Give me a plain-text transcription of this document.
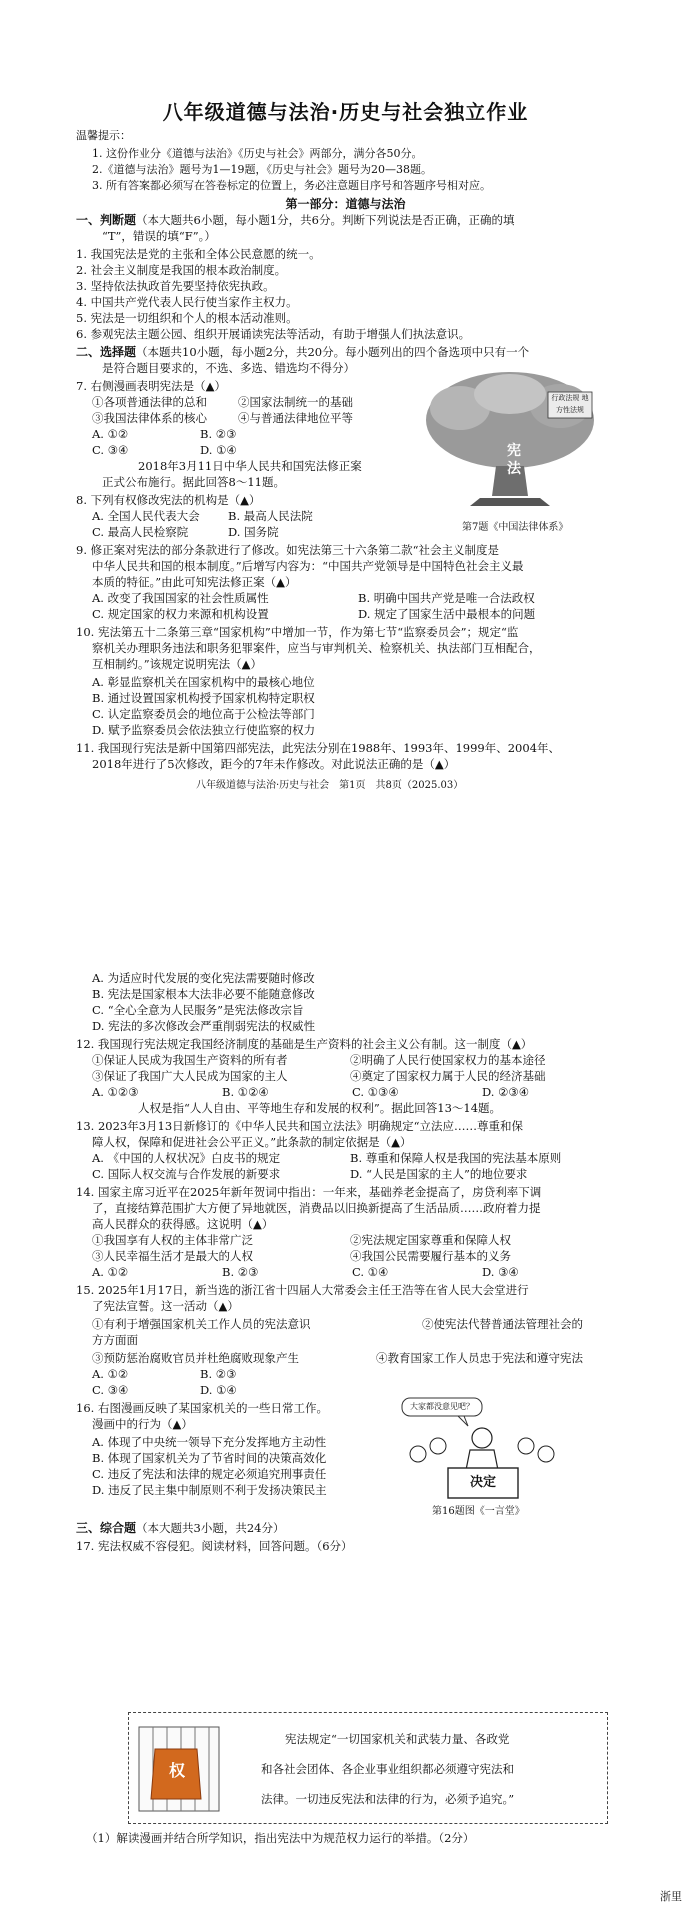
八年级道德与法治·历史与社会独立作业
温馨提示：
1. 这份作业分《道德与法治》《历史与社会》两部分，满分各50分。
2.《道德与法治》题号为1—19题，《历史与社会》题号为20—38题。
3. 所有答案都必须写在答卷标定的位置上，务必注意题目序号和答题序号相对应。
第一部分：道德与法治
一、判断题（本大题共6小题，每小题1分，共6分。判断下列说法是否正确，正确的填
“T”，错误的填“F”。）
1. 我国宪法是党的主张和全体公民意愿的统一。
2. 社会主义制度是我国的根本政治制度。
3. 坚持依法执政首先要坚持依宪执政。
4. 中国共产党代表人民行使当家作主权力。
5. 宪法是一切组织和个人的根本活动准则。
6. 参观宪法主题公园、组织开展诵读宪法等活动，有助于增强人们执法意识。
二、选择题（本题共10小题，每小题2分，共20分。每小题列出的四个备选项中只有一个
是符合题目要求的，不选、多选、错选均不得分）
7. 右侧漫画表明宪法是（▲）
①各项普通法律的总和	②国家法制统一的基础
③我国法律体系的核心	④与普通法律地位平等
A. ①②	B. ②③
C. ③④	D. ①④
行政法规 地方性法规
宪法
第7题《中国法律体系》
2018年3月11日中华人民共和国宪法修正案
正式公布施行。据此回答8～11题。
8. 下列有权修改宪法的机构是（▲）
A. 全国人民代表大会 B. 最高人民法院
C. 最高人民检察院	D. 国务院
9. 修正案对宪法的部分条款进行了修改。如宪法第三十六条第二款“社会主义制度是
中华人民共和国的根本制度。”后增写内容为：“中国共产党领导是中国特色社会主义最
本质的特征。”由此可知宪法修正案（▲）
A. 改变了我国国家的社会性质属性	B. 明确中国共产党是唯一合法政权
C. 规定国家的权力来源和机构设置	D. 规定了国家生活中最根本的问题
10. 宪法第五十二条第三章“国家机构”中增加一节，作为第七节“监察委员会”；规定“监
察机关办理职务违法和职务犯罪案件，应当与审判机关、检察机关、执法部门互相配合，
互相制约。”该规定说明宪法（▲）
A. 彰显监察机关在国家机构中的最核心地位
B. 通过设置国家机构授予国家机构特定职权
C. 认定监察委员会的地位高于公检法等部门
D. 赋予监察委员会依法独立行使监察的权力
11. 我国现行宪法是新中国第四部宪法，此宪法分别在1988年、1993年、1999年、2004年、
2018年进行了5次修改，距今的7年未作修改。对此说法正确的是（▲）
八年级道德与法治·历史与社会　第1页　共8页（2025.03）
A. 为适应时代发展的变化宪法需要随时修改
B. 宪法是国家根本大法非必要不能随意修改
C. “全心全意为人民服务”是宪法修改宗旨
D. 宪法的多次修改会严重削弱宪法的权威性
12. 我国现行宪法规定我国经济制度的基础是生产资料的社会主义公有制。这一制度（▲）
①保证人民成为我国生产资料的所有者	②明确了人民行使国家权力的基本途径
③保证了我国广大人民成为国家的主人	④奠定了国家权力属于人民的经济基础
A. ①②③	B. ①②④	C. ①③④	D. ②③④
人权是指“人人自由、平等地生存和发展的权利”。据此回答13～14题。
13. 2023年3月13日新修订的《中华人民共和国立法法》明确规定“立法应……尊重和保
障人权，保障和促进社会公平正义。”此条款的制定依据是（▲）
A. 《中国的人权状况》白皮书的规定	B. 尊重和保障人权是我国的宪法基本原则
C. 国际人权交流与合作发展的新要求	D. “人民是国家的主人”的地位要求
14. 国家主席习近平在2025年新年贺词中指出：一年来，基础养老金提高了，房贷利率下调
了，直接结算范围扩大方便了异地就医，消费品以旧换新提高了生活品质……政府着力提
高人民群众的获得感。这说明（▲）
①我国享有人权的主体非常广泛	②宪法规定国家尊重和保障人权
③人民幸福生活才是最大的人权	④我国公民需要履行基本的义务
A. ①②	B. ②③	C. ①④	D. ③④
15. 2025年1月17日，新当选的浙江省十四届人大常委会主任王浩等在省人民大会堂进行
了宪法宣誓。这一活动（▲）
①有利于增强国家机关工作人员的宪法意识	②使宪法代替普通法管理社会的
方方面面
③预防惩治腐败官员并杜绝腐败现象产生	④教育国家工作人员忠于宪法和遵守宪法
A. ①②	B. ②③
C. ③④	D. ①④
16. 右图漫画反映了某国家机关的一些日常工作。
漫画中的行为（▲）
A. 体现了中央统一领导下充分发挥地方主动性
B. 体现了国家机关为了节省时间的决策高效化
C. 违反了宪法和法律的规定必须追究刑事责任
D. 违反了民主集中制原则不利于发扬决策民主
大家都没意见吧？
决定
第16题图《一言堂》
三、综合题（本大题共3小题，共24分）
17. 宪法权威不容侵犯。阅读材料，回答问题。（6分）
权
宪法规定“一切国家机关和武装力量、各政党
和各社会团体、各企业事业组织都必须遵守宪法和
法律。一切违反宪法和法律的行为，必须予追究。”
（1）解读漫画并结合所学知识，指出宪法中为规范权力运行的举措。（2分）
浙里
